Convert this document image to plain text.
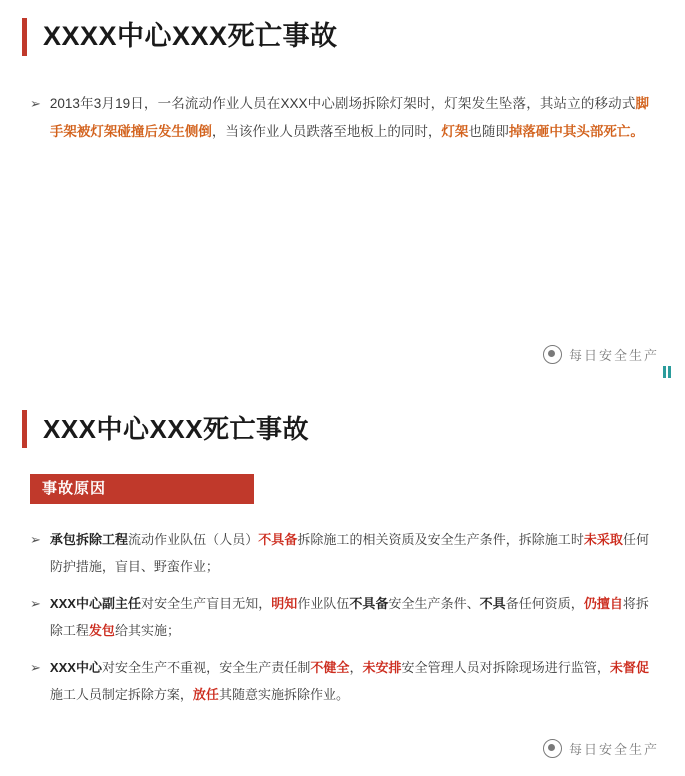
XXXX中心XXX死亡事故
➢ 2013年3月19日，一名流动作业人员在XXX中心剧场拆除灯架时，灯架发生坠落，其站立的移动式脚手架被灯架碰撞后发生侧倒，当该作业人员跌落至地板上的同时，灯架也随即掉落砸中其头部死亡。
每日安全生产
XXX中心XXX死亡事故
事故原因
➢ 承包拆除工程流动作业队伍（人员）不具备拆除施工的相关资质及安全生产条件，拆除施工时未采取任何防护措施，盲目、野蛮作业；
➢ XXX中心副主任对安全生产盲目无知，明知作业队伍不具备安全生产条件、不具备任何资质，仍擅自将拆除工程发包给其实施；
➢ XXX中心对安全生产不重视，安全生产责任制不健全，未安排安全管理人员对拆除现场进行监管，未督促施工人员制定拆除方案，放任其随意实施拆除作业。
每日安全生产
